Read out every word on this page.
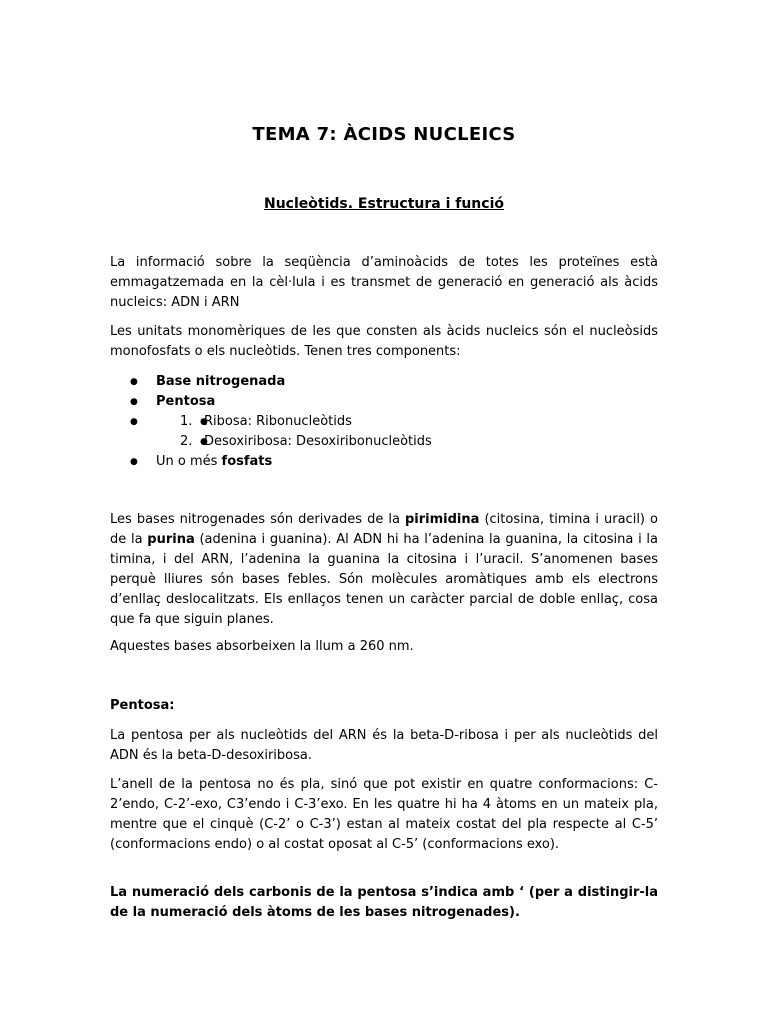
TEMA 7: ÀCIDS NUCLEICS
Nucleòtids. Estructura i funció

La informació sobre la seqüència d’aminoàcids de totes les proteïnes està emmagatzemada en la cèl·lula i es transmet de generació en generació als àcids nucleics: ADN i ARN

Les unitats monomèriques de les que consten als àcids nucleics són el nucleòsids monofosfats o els nucleòtids. Tenen tres components:

● Base nitrogenada
● Pentosa
● ● 1. Ribosa: Ribonucleòtids
● 2. Desoxiribosa: Desoxiribonucleòtids
● Un o més fosfats

Les bases nitrogenades són derivades de la pirimidina (citosina, timina i uracil) o de la purina (adenina i guanina). Al ADN hi ha l’adenina la guanina, la citosina i la timina, i del ARN, l’adenina la guanina la citosina i l’uracil. S’anomenen bases perquè lliures són bases febles. Són molècules aromàtiques amb els electrons d’enllaç deslocalitzats. Els enllaços tenen un caràcter parcial de doble enllaç, cosa que fa que siguin planes.

Aquestes bases absorbeixen la llum a 260 nm.

Pentosa:

La pentosa per als nucleòtids del ARN és la beta-D-ribosa i per als nucleòtids del ADN és la beta-D-desoxiribosa.

L’anell de la pentosa no és pla, sinó que pot existir en quatre conformacions: C-2’endo, C-2’-exo, C3’endo i C-3’exo. En les quatre hi ha 4 àtoms en un mateix pla, mentre que el cinquè (C-2’ o C-3’) estan al mateix costat del pla respecte al C-5’ (conformacions endo) o al costat oposat al C-5’ (conformacions exo).

La numeració dels carbonis de la pentosa s’indica amb ‘ (per a distingir-la de la numeració dels àtoms de les bases nitrogenades).
